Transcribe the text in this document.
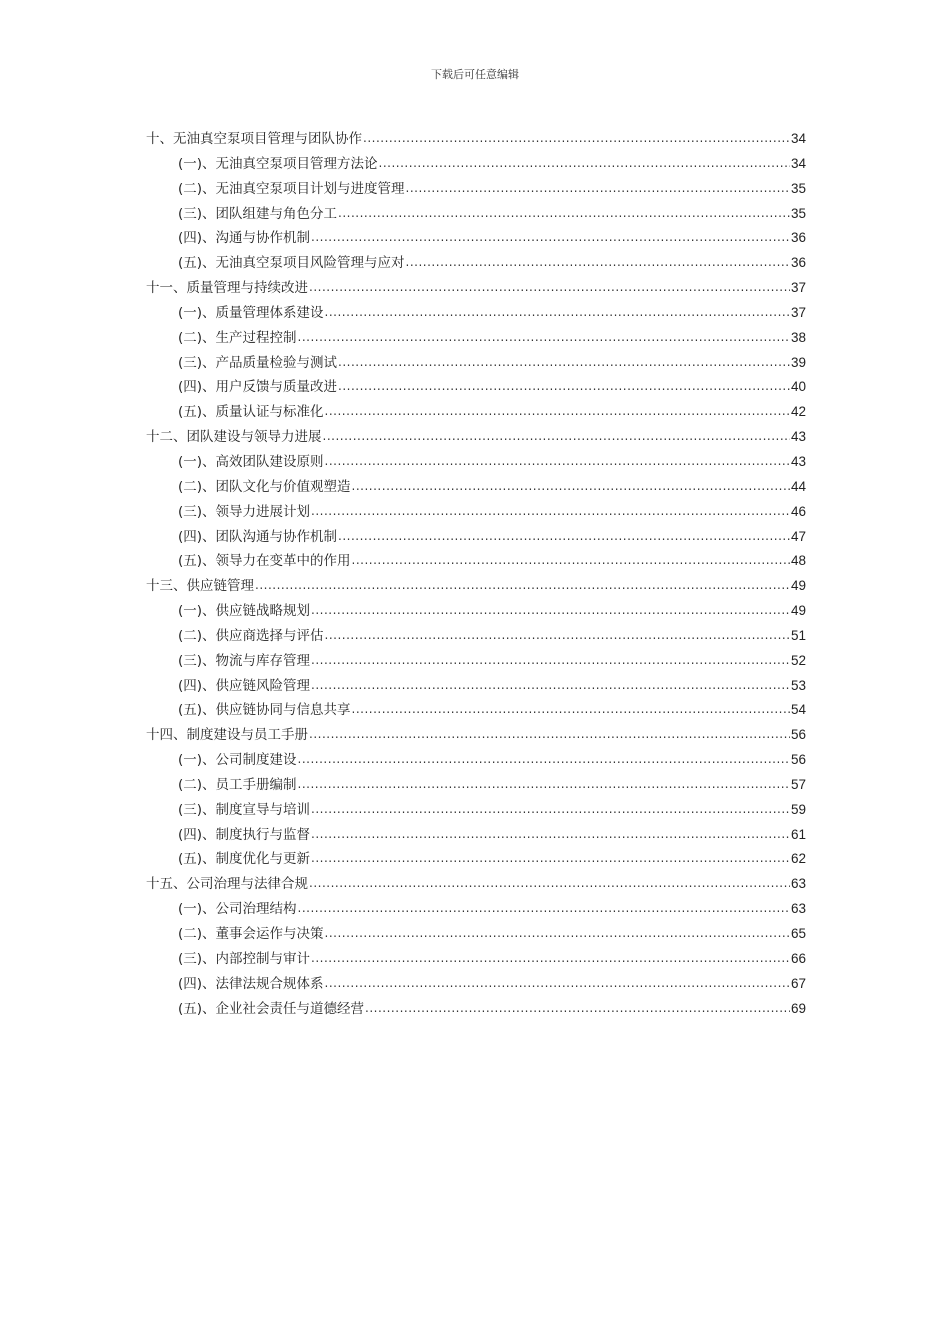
下载后可任意编辑
十、无油真空泵项目管理与团队协作 .....	34
(一)、无油真空泵项目管理方法论 .....	34
(二)、无油真空泵项目计划与进度管理 .....	35
(三)、团队组建与角色分工 .....	35
(四)、沟通与协作机制 .....	36
(五)、无油真空泵项目风险管理与应对 .....	36
十一、质量管理与持续改进 .....	37
(一)、质量管理体系建设 .....	37
(二)、生产过程控制 .....	38
(三)、产品质量检验与测试 .....	39
(四)、用户反馈与质量改进 .....	40
(五)、质量认证与标准化 .....	42
十二、团队建设与领导力进展 .....	43
(一)、高效团队建设原则 .....	43
(二)、团队文化与价值观塑造 .....	44
(三)、领导力进展计划 .....	46
(四)、团队沟通与协作机制 .....	47
(五)、领导力在变革中的作用 .....	48
十三、供应链管理 .....	49
(一)、供应链战略规划 .....	49
(二)、供应商选择与评估 .....	51
(三)、物流与库存管理 .....	52
(四)、供应链风险管理 .....	53
(五)、供应链协同与信息共享 .....	54
十四、制度建设与员工手册 .....	56
(一)、公司制度建设 .....	56
(二)、员工手册编制 .....	57
(三)、制度宣导与培训 .....	59
(四)、制度执行与监督 .....	61
(五)、制度优化与更新 .....	62
十五、公司治理与法律合规 .....	63
(一)、公司治理结构 .....	63
(二)、董事会运作与决策 .....	65
(三)、内部控制与审计 .....	66
(四)、法律法规合规体系 .....	67
(五)、企业社会责任与道德经营 .....	69
